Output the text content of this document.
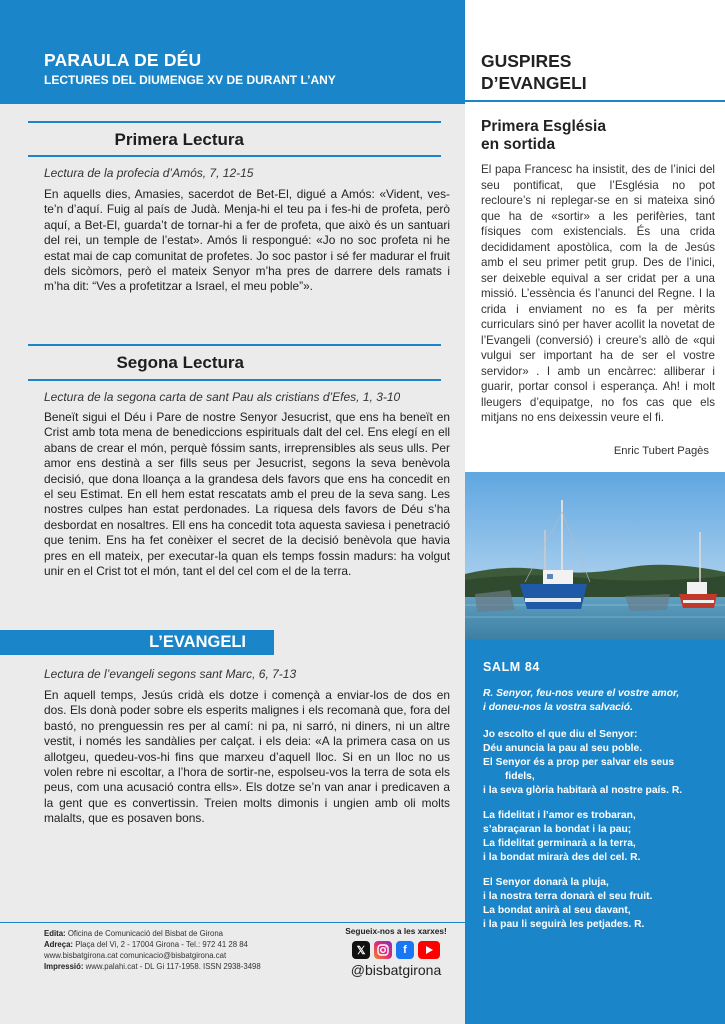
PARAULA DE DÉU
LECTURES DEL DIUMENGE XV DE DURANT L’ANY
Primera Lectura
Lectura de la profecia d’Amós, 7, 12-15
En aquells dies, Amasies, sacerdot de Bet-El, digué a Amós: «Vident, ves-te’n d’aquí. Fuig al país de Judà. Menja-hi el teu pa i fes-hi de profeta, però aquí, a Bet-El, guarda’t de tornar-hi a fer de profeta, que això és un santuari del rei, un temple de l’estat». Amós li respongué: «Jo no soc profeta ni he estat mai de cap comunitat de profetes. Jo soc pastor i sé fer madurar el fruit dels sicòmors, però el mateix Senyor m’ha pres de darrere dels ramats i m’ha dit: “Ves a profetitzar a Israel, el meu poble”».
Segona Lectura
Lectura de la segona carta de sant Pau als cristians d’Efes, 1, 3-10
Beneït sigui el Déu i Pare de nostre Senyor Jesucrist, que ens ha beneït en Crist amb tota mena de benediccions espirituals dalt del cel. Ens elegí en ell abans de crear el món, perquè fóssim sants, irreprensibles als seus ulls. Per amor ens destinà a ser fills seus per Jesucrist, segons la seva benèvola decisió, que dona lloança a la grandesa dels favors que ens ha concedit en el seu Estimat. En ell hem estat rescatats amb el preu de la seva sang. Les nostres culpes han estat perdonades. La riquesa dels favors de Déu s’ha desbordat en nosaltres. Ell ens ha concedit tota aquesta saviesa i penetració que tenim. Ens ha fet conèixer el secret de la decisió benèvola que havia pres en ell mateix, per executar-la quan els temps fossin madurs: ha volgut unir en el Crist tot el món, tant el del cel com el de la terra.
L’EVANGELI
Lectura de l’evangeli segons sant Marc, 6, 7-13
En aquell temps, Jesús cridà els dotze i començà a enviar-los de dos en dos. Els donà poder sobre els esperits malignes i els recomanà que, fora del bastó, no prenguessin res per al camí: ni pa, ni sarró, ni diners, ni un altre vestit, i només les sandàlies per calçat. i els deia: «A la primera casa on us allotgeu, quedeu-vos-hi fins que marxeu d’aquell lloc. Si en un lloc no us volen rebre ni escoltar, a l’hora de sortir-ne, espolseu-vos la terra de sota els peus, com una acusació contra ells». Els dotze se’n van anar i predicaven a la gent que es convertissin. Treien molts dimonis i ungien amb oli molts malalts, que es posaven bons.
Edita: Oficina de Comunicació del Bisbat de Girona
Adreça: Plaça del Vi, 2 - 17004 Girona - Tel.: 972 41 28 84
www.bisbatgirona.cat comunicacio@bisbatgirona.cat
Impressió: www.palahi.cat - DL Gi 117-1958. ISSN 2938-3498
Segueix-nos a les xarxes!
𝕏	f
@bisbatgirona
GUSPIRES
D’EVANGELI
Primera Església
en sortida
El papa Francesc ha insistit, des de l’inici del seu pontificat, que l’Església no pot recloure’s ni replegar-se en si mateixa sinó que ha de «sortir» a les perifèries, tant físiques com existencials. És una crida decididament apostòlica, com la de Jesús amb el seu primer petit grup. Des de l’inici, ser deixeble equival a ser cridat per a una missió. L’essència és l’anunci del Regne. I la crida i enviament no es fa per mèrits curriculars sinó per haver acollit la novetat de l’Evangeli (conversió) i creure’s allò de «qui vulgui ser important ha de ser el vostre servidor» . I amb un encàrrec: alliberar i guarir, portar consol i esperança. Ah! i molt lleugers d’equipatge, no fos cas que els mitjans no ens deixessin veure el fi.
Enric Tubert Pagès
SALM 84
R. Senyor, feu-nos veure el vostre amor,
i doneu-nos la vostra salvació.
Jo escolto el que diu el Senyor:
Déu anuncia la pau al seu poble.
El Senyor és a prop per salvar els seus
fidels,
i la seva glòria habitarà al nostre país. R.
La fidelitat i l’amor es trobaran,
s’abraçaran la bondat i la pau;
La fidelitat germinarà a la terra,
i la bondat mirarà des del cel. R.
El Senyor donarà la pluja,
i la nostra terra donarà el seu fruit.
La bondat anirà al seu davant,
i la pau li seguirà les petjades. R.
